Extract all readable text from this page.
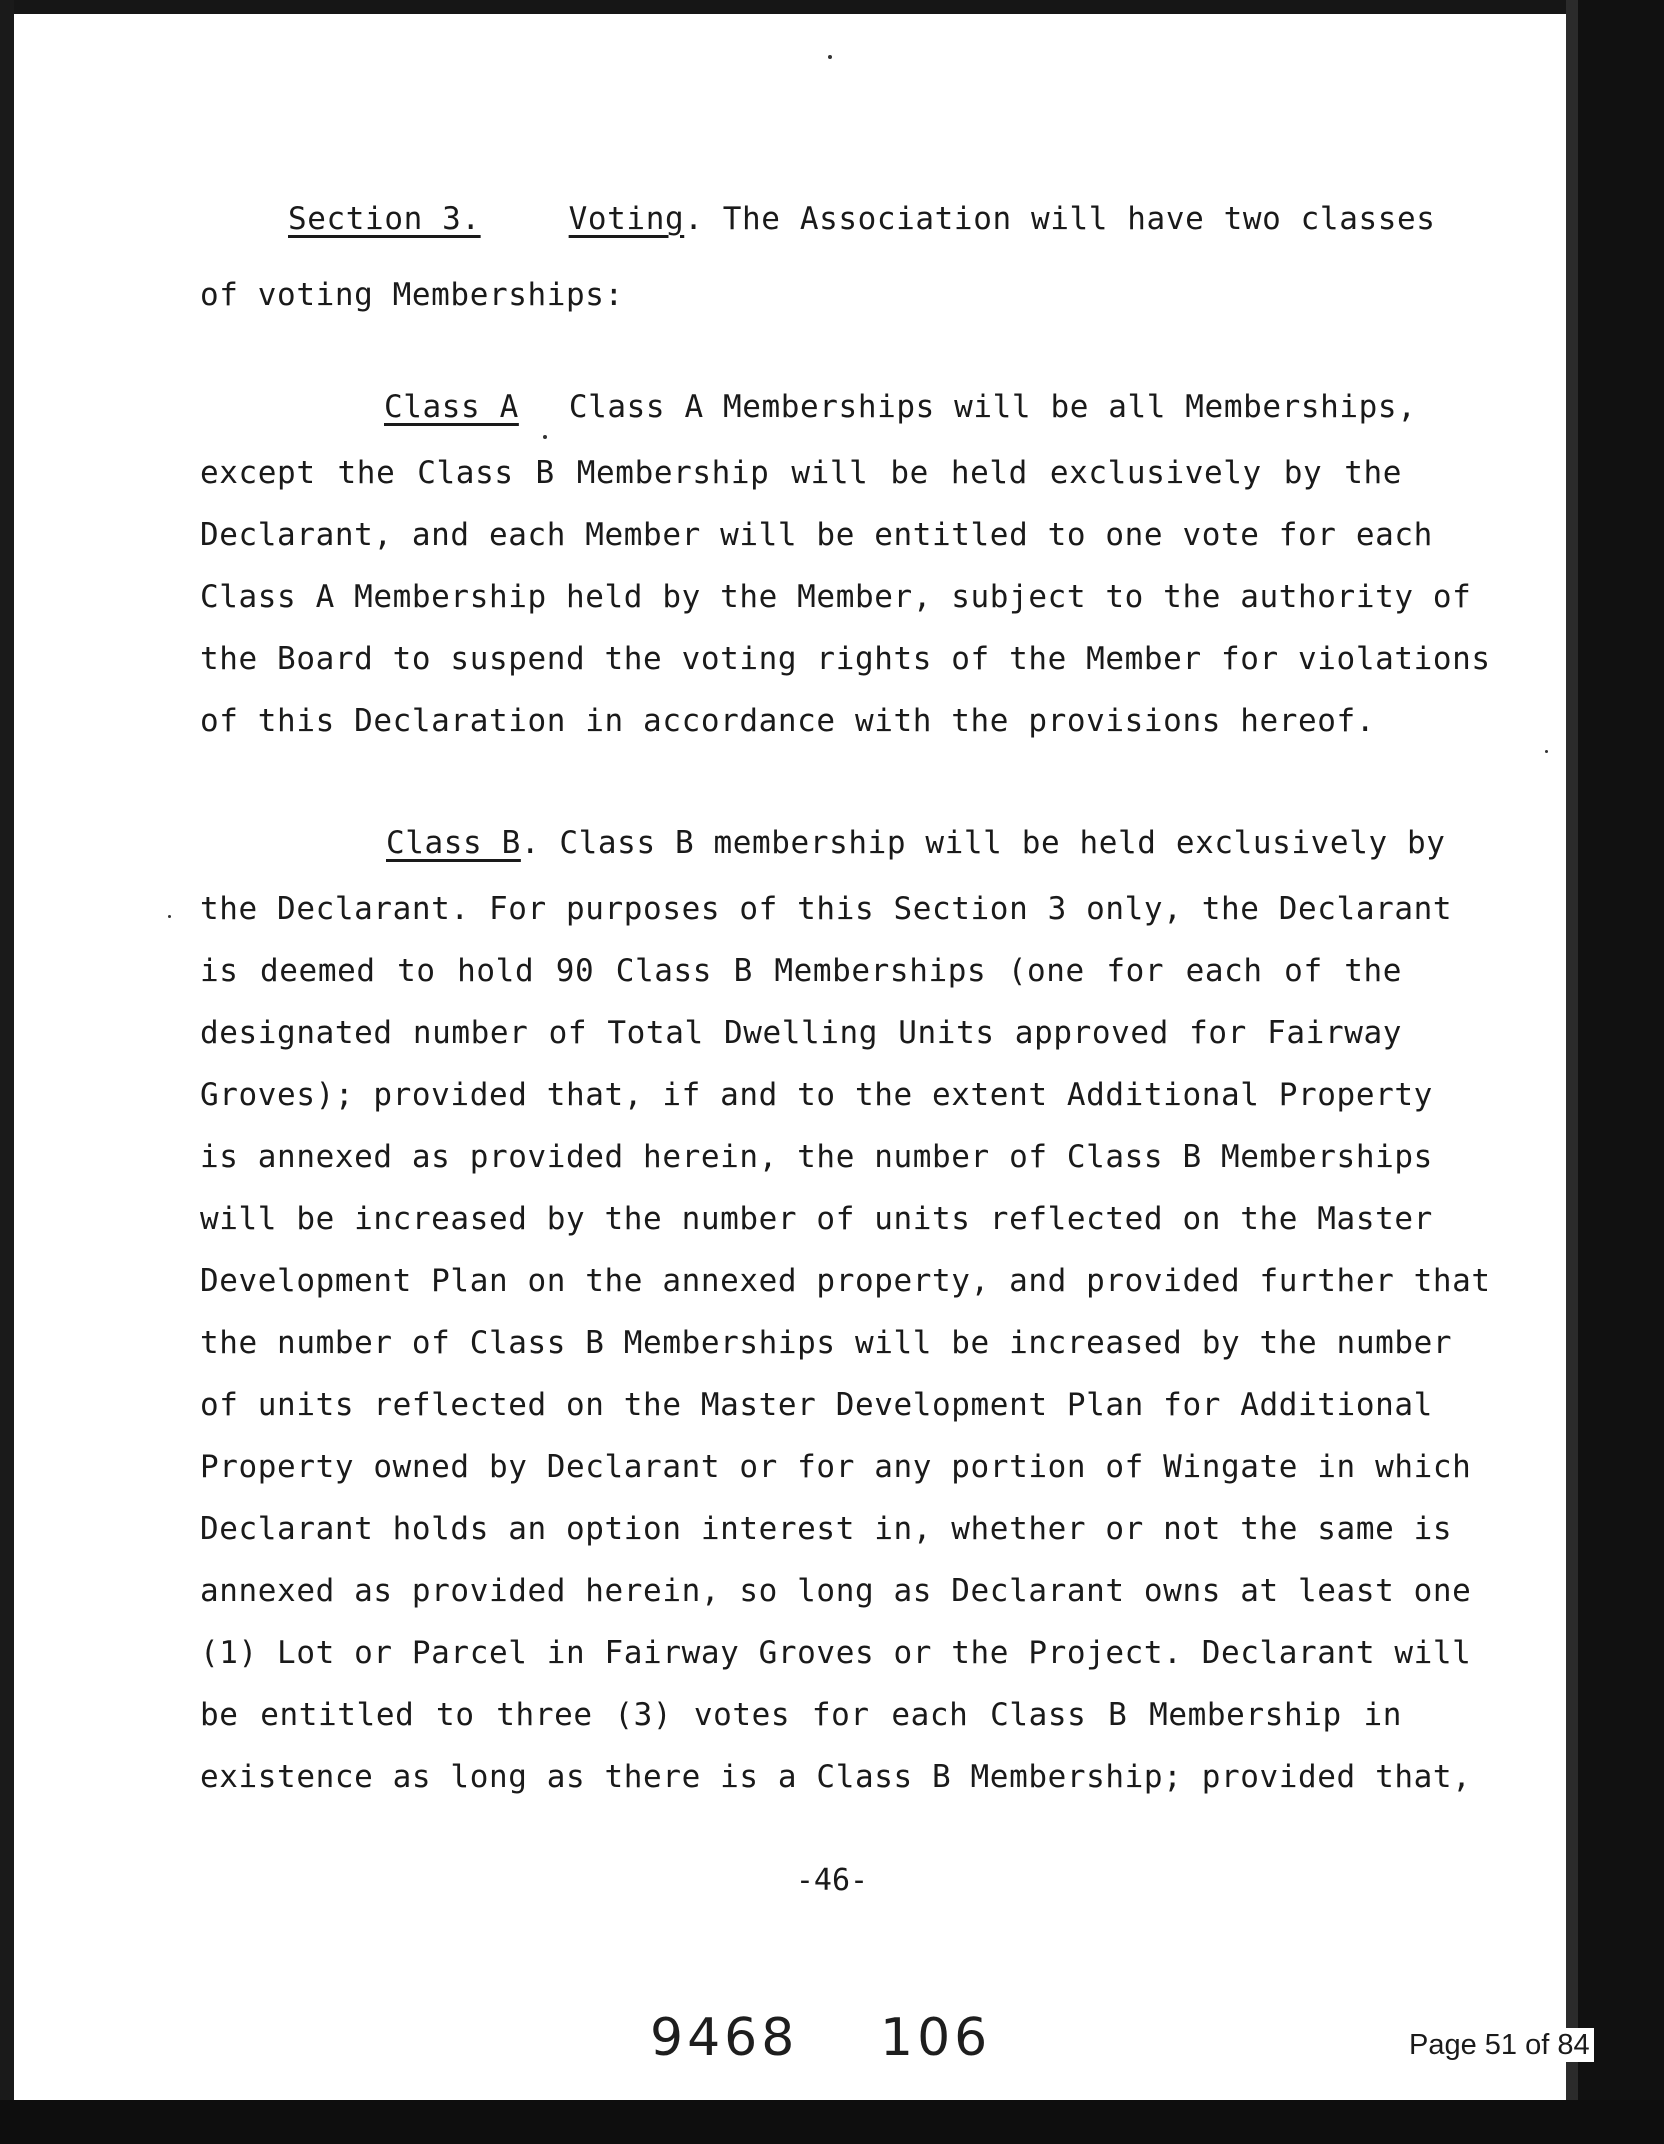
Section 3.	Voting. The Association will have two classes
of voting Memberships:
Class A Class A Memberships will be all Memberships,
except the Class B Membership will be held exclusively by the
Declarant, and each Member will be entitled to one vote for each
Class A Membership held by the Member, subject to the authority of
the Board to suspend the voting rights of the Member for violations
of this Declaration in accordance with the provisions hereof.
Class B. Class B membership will be held exclusively by
the Declarant. For purposes of this Section 3 only, the Declarant
is deemed to hold 90 Class B Memberships (one for each of the
designated number of Total Dwelling Units approved for Fairway
Groves); provided that, if and to the extent Additional Property
is annexed as provided herein, the number of Class B Memberships
will be increased by the number of units reflected on the Master
Development Plan on the annexed property, and provided further that
the number of Class B Memberships will be increased by the number
of units reflected on the Master Development Plan for Additional
Property owned by Declarant or for any portion of Wingate in which
Declarant holds an option interest in, whether or not the same is
annexed as provided herein, so long as Declarant owns at least one
(1) Lot or Parcel in Fairway Groves or the Project. Declarant will
be entitled to three (3) votes for each Class B Membership in
existence as long as there is a Class B Membership; provided that,
-46-
9468 106	Page 51 of 84
